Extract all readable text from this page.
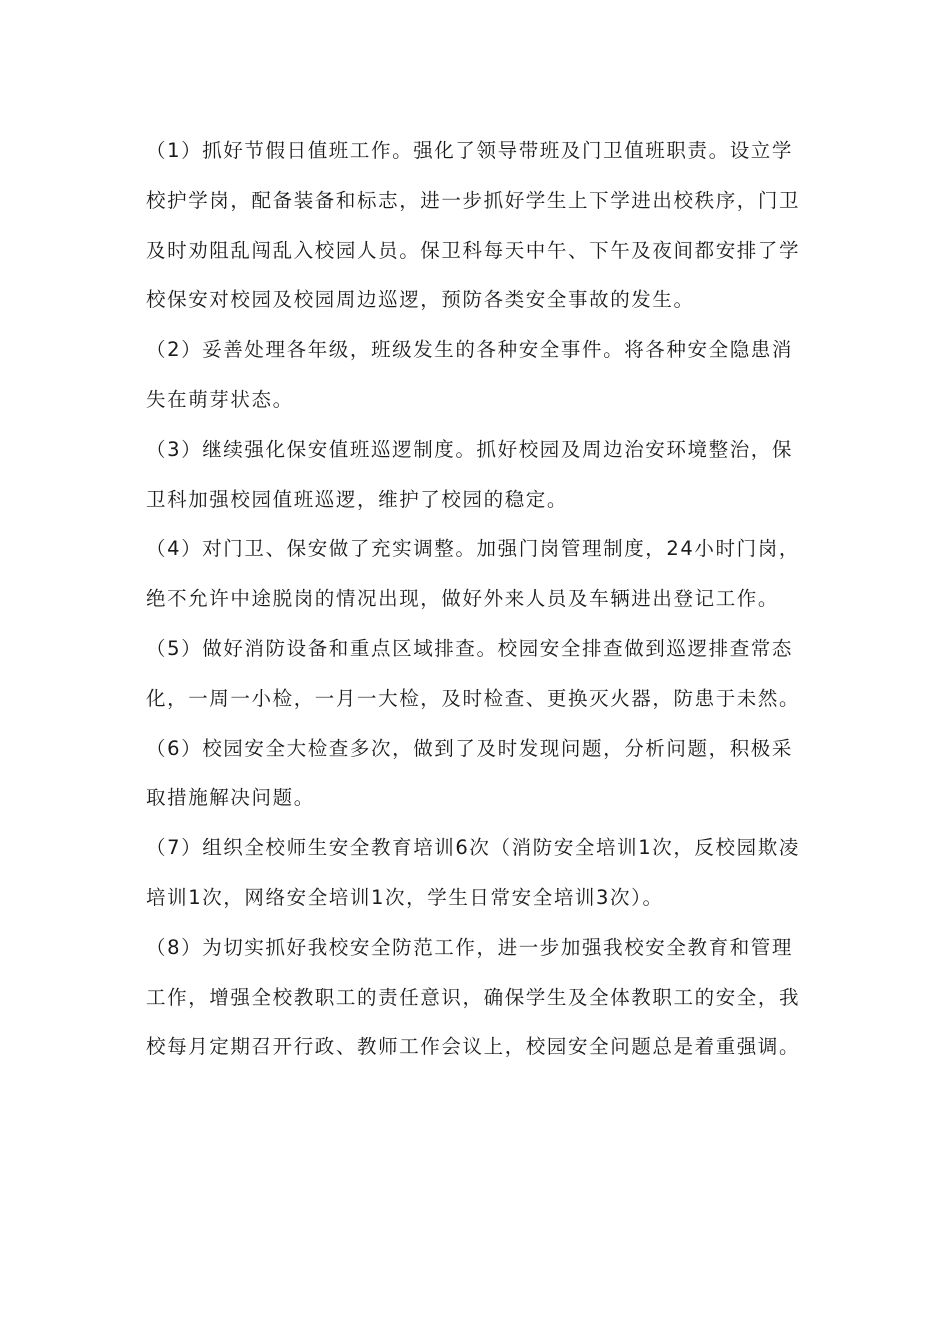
（1）抓好节假日值班工作。强化了领导带班及门卫值班职责。设立学校护学岗，配备装备和标志，进一步抓好学生上下学进出校秩序，门卫及时劝阻乱闯乱入校园人员。保卫科每天中午、下午及夜间都安排了学校保安对校园及校园周边巡逻，预防各类安全事故的发生。

（2）妥善处理各年级，班级发生的各种安全事件。将各种安全隐患消失在萌芽状态。

（3）继续强化保安值班巡逻制度。抓好校园及周边治安环境整治，保卫科加强校园值班巡逻，维护了校园的稳定。

（4）对门卫、保安做了充实调整。加强门岗管理制度，24小时门岗，绝不允许中途脱岗的情况出现，做好外来人员及车辆进出登记工作。

（5）做好消防设备和重点区域排查。校园安全排查做到巡逻排查常态化，一周一小检，一月一大检，及时检查、更换灭火器，防患于未然。

（6）校园安全大检查多次，做到了及时发现问题，分析问题，积极采取措施解决问题。

（7）组织全校师生安全教育培训6次（消防安全培训1次，反校园欺凌培训1次，网络安全培训1次，学生日常安全培训3次）。

（8）为切实抓好我校安全防范工作，进一步加强我校安全教育和管理工作，增强全校教职工的责任意识，确保学生及全体教职工的安全，我校每月定期召开行政、教师工作会议上，校园安全问题总是着重强调。
